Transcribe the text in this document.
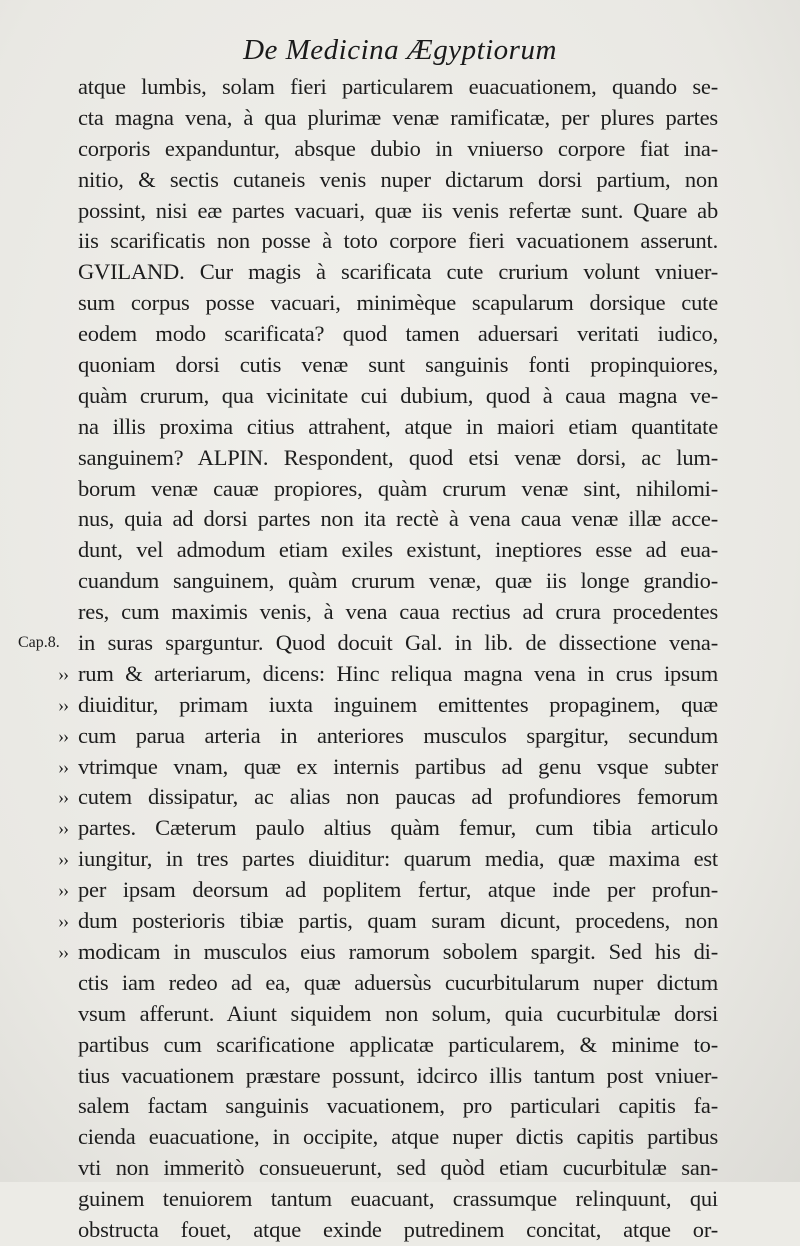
De Medicina Ægyptiorum
Cap.8.
››
››
››
››
››
››
››
››
››
››
atque lumbis, solam fieri particularem euacuationem, quando se-
cta magna vena, à qua plurimæ venæ ramificatæ, per plures partes
corporis expanduntur, absque dubio in vniuerso corpore fiat ina-
nitio, & sectis cutaneis venis nuper dictarum dorsi partium, non
possint, nisi eæ partes vacuari, quæ iis venis refertæ sunt. Quare ab
iis scarificatis non posse à toto corpore fieri vacuationem asserunt.
GVILAND. Cur magis à scarificata cute crurium volunt vniuer-
sum corpus posse vacuari, minimèque scapularum dorsique cute
eodem modo scarificata? quod tamen aduersari veritati iudico,
quoniam dorsi cutis venæ sunt sanguinis fonti propinquiores,
quàm crurum, qua vicinitate cui dubium, quod à caua magna ve-
na illis proxima citius attrahent, atque in maiori etiam quantitate
sanguinem? ALPIN. Respondent, quod etsi venæ dorsi, ac lum-
borum venæ cauæ propiores, quàm crurum venæ sint, nihilomi-
nus, quia ad dorsi partes non ita rectè à vena caua venæ illæ acce-
dunt, vel admodum etiam exiles existunt, ineptiores esse ad eua-
cuandum sanguinem, quàm crurum venæ, quæ iis longe grandio-
res, cum maximis venis, à vena caua rectius ad crura procedentes
in suras sparguntur. Quod docuit Gal. in lib. de dissectione vena-
rum & arteriarum, dicens: Hinc reliqua magna vena in crus ipsum
diuiditur, primam iuxta inguinem emittentes propaginem, quæ
cum parua arteria in anteriores musculos spargitur, secundum
vtrimque vnam, quæ ex internis partibus ad genu vsque subter
cutem dissipatur, ac alias non paucas ad profundiores femorum
partes. Cæterum paulo altius quàm femur, cum tibia articulo
iungitur, in tres partes diuiditur: quarum media, quæ maxima est
per ipsam deorsum ad poplitem fertur, atque inde per profun-
dum posterioris tibiæ partis, quam suram dicunt, procedens, non
modicam in musculos eius ramorum sobolem spargit. Sed his di-
ctis iam redeo ad ea, quæ aduersùs cucurbitularum nuper dictum
vsum afferunt. Aiunt siquidem non solum, quia cucurbitulæ dorsi
partibus cum scarificatione applicatæ particularem, & minime to-
tius vacuationem præstare possunt, idcirco illis tantum post vniuer-
salem factam sanguinis vacuationem, pro particulari capitis fa-
cienda euacuatione, in occipite, atque nuper dictis capitis partibus
vti non immeritò consueuerunt, sed quòd etiam cucurbitulæ san-
guinem tenuiorem tantum euacuant, crassumque relinquunt, qui
obstructa fouet, atque exinde putredinem concitat, atque or-
